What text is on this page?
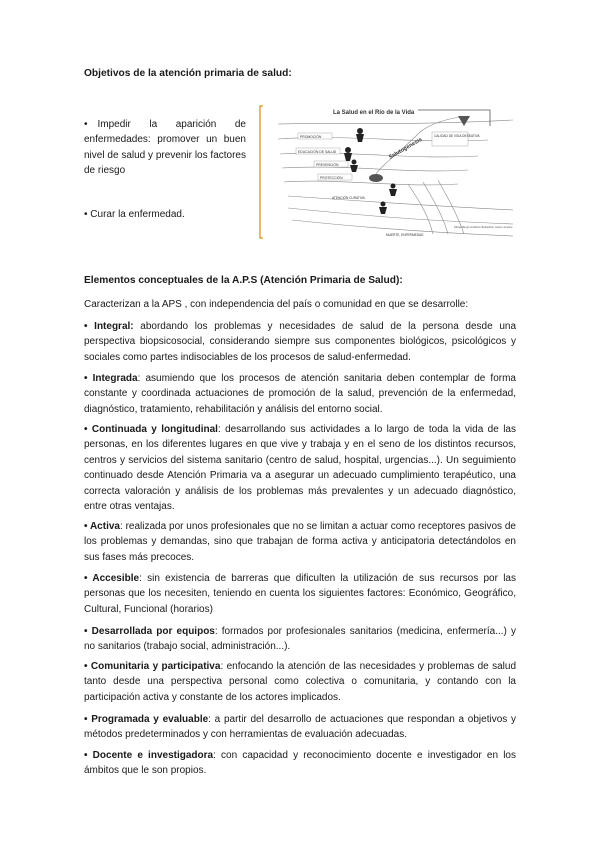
Objetivos de la atención primaria de salud:
• Impedir la aparición de enfermedades: promover un buen nivel de salud y prevenir los factores de riesgo
• Curar la enfermedad.
La Salud en el Río de la Vida
PROMOCIÓN
EDUCACIÓN DE SALUD
PREVENCIÓN
PROTECCIÓN
ATENCIÓN CURATIVA
CALIDAD DE VIDA DESEATIVA
MUERTE, ENFERMEDAD
Salutogenesis
Dibujo Bengt Lindström Biofipolica: Jesse Lemoine
Elementos conceptuales de la A.P.S (Atención Primaria de Salud):
Caracterizan a la APS , con independencia del país o comunidad en que se desarrolle:
• Integral: abordando los problemas y necesidades de salud de la persona desde una perspectiva biopsicosocial, considerando siempre sus componentes biológicos, psicológicos y sociales como partes indisociables de los procesos de salud-enfermedad.
• Integrada: asumiendo que los procesos de atención sanitaria deben contemplar de forma constante y coordinada actuaciones de promoción de la salud, prevención de la enfermedad, diagnóstico, tratamiento, rehabilitación y análisis del entorno social.
• Continuada y longitudinal: desarrollando sus actividades a lo largo de toda la vida de las personas, en los diferentes lugares en que vive y trabaja y en el seno de los distintos recursos, centros y servicios del sistema sanitario (centro de salud, hospital, urgencias...). Un seguimiento continuado desde Atención Primaria va a asegurar un adecuado cumplimiento terapéutico, una correcta valoración y análisis de los problemas más prevalentes y un adecuado diagnóstico, entre otras ventajas.
• Activa: realizada por unos profesionales que no se limitan a actuar como receptores pasivos de los problemas y demandas, sino que trabajan de forma activa y anticipatoria detectándolos en sus fases más precoces.
• Accesible: sin existencia de barreras que dificulten la utilización de sus recursos por las personas que los necesiten, teniendo en cuenta los siguientes factores: Económico, Geográfico, Cultural, Funcional (horarios)
• Desarrollada por equipos: formados por profesionales sanitarios (medicina, enfermería...) y no sanitarios (trabajo social, administración...).
• Comunitaria y participativa: enfocando la atención de las necesidades y problemas de salud tanto desde una perspectiva personal como colectiva o comunitaria, y contando con la participación activa y constante de los actores implicados.
• Programada y evaluable: a partir del desarrollo de actuaciones que respondan a objetivos y métodos predeterminados y con herramientas de evaluación adecuadas.
• Docente e investigadora: con capacidad y reconocimiento docente e investigador en los ámbitos que le son propios.
